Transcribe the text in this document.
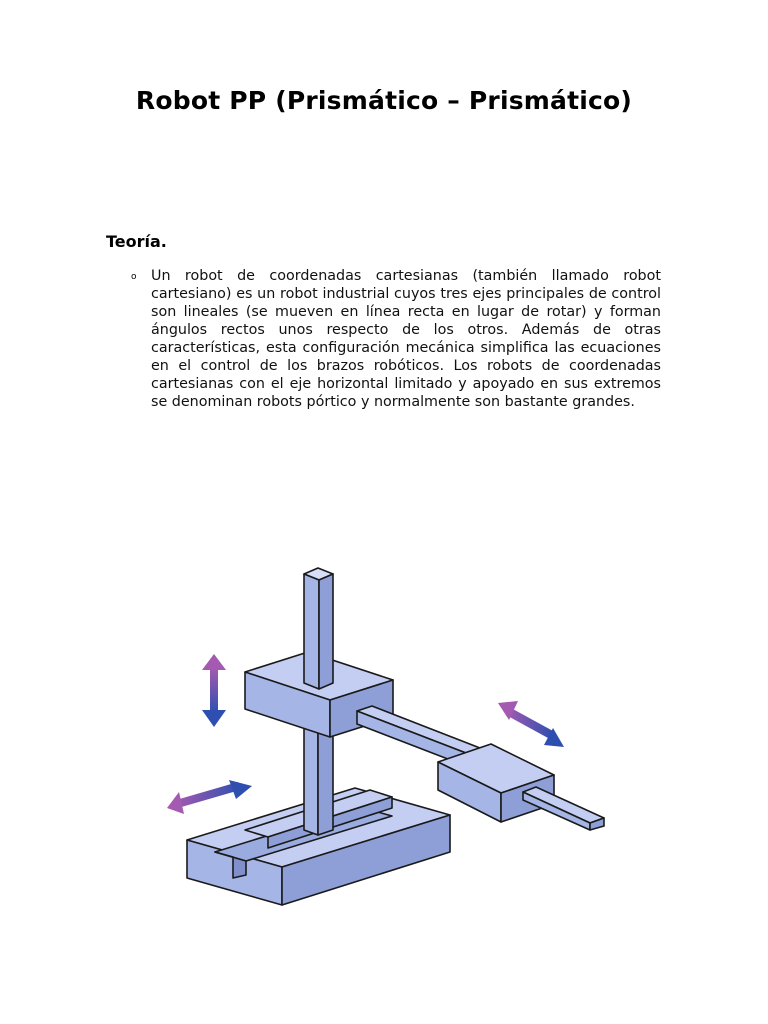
Robot PP (Prismático – Prismático)
Teoría.
o Un robot de coordenadas cartesianas (también llamado robot cartesiano) es un robot industrial cuyos tres ejes principales de control son lineales (se mueven en línea recta en lugar de rotar) y forman ángulos rectos unos respecto de los otros. Además de otras características, esta configuración mecánica simplifica las ecuaciones en el control de los brazos robóticos. Los robots de coordenadas cartesianas con el eje horizontal limitado y apoyado en sus extremos se denominan robots pórtico y normalmente son bastante grandes.
